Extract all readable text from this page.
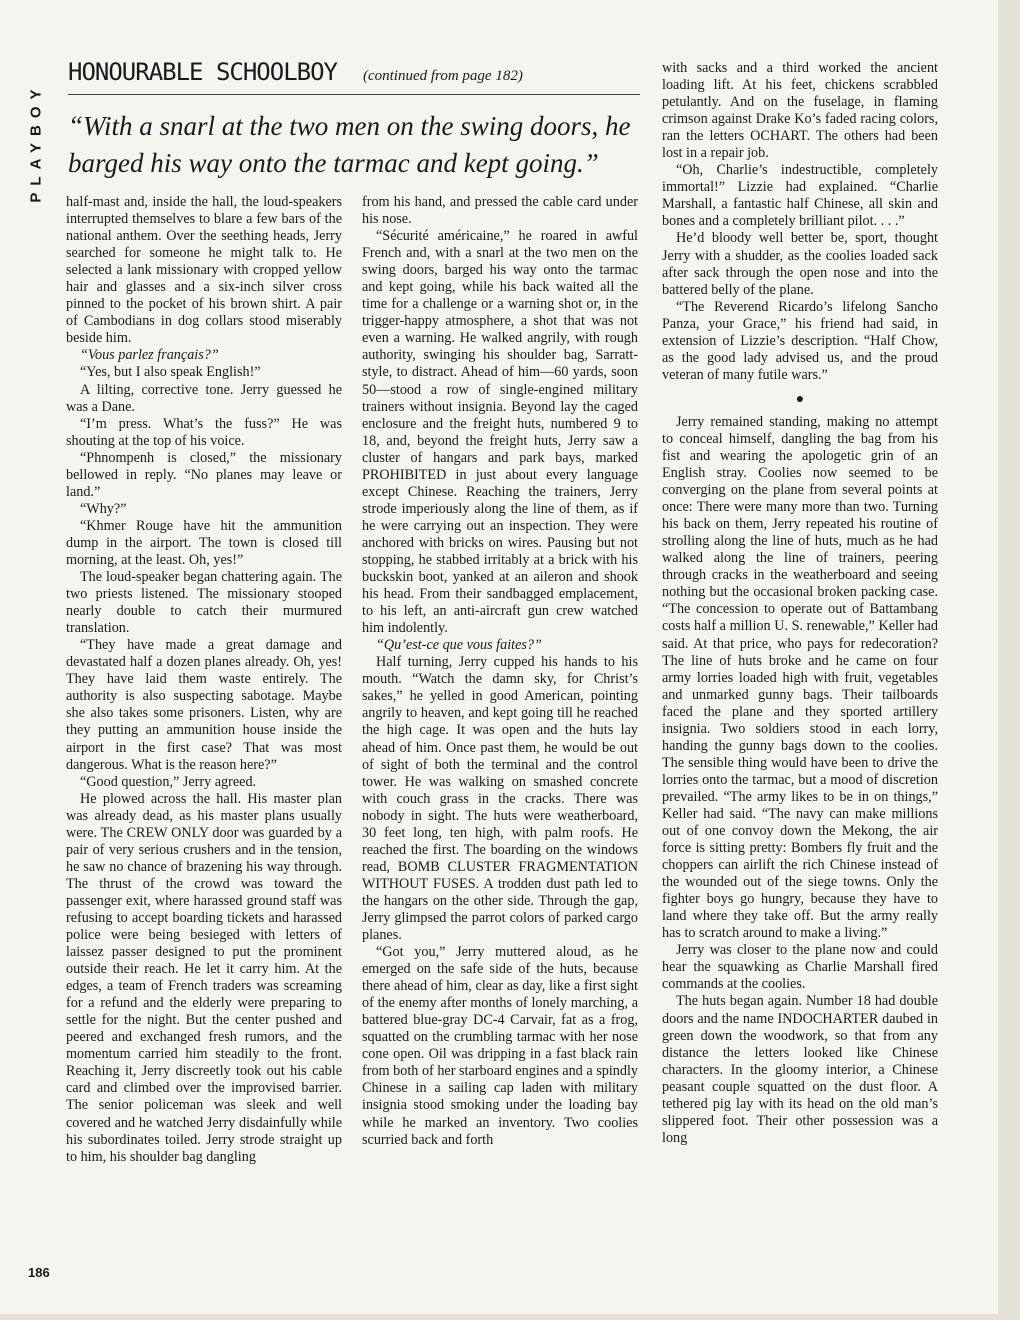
PLAYBOY
HONOURABLE SCHOOLBOY (continued from page 182)
“With a snarl at the two men on the swing doors, he barged his way onto the tarmac and kept going.”

half-mast and, inside the hall, the loud-speakers interrupted themselves to blare a few bars of the national anthem. Over the seething heads, Jerry searched for someone he might talk to. He selected a lank missionary with cropped yellow hair and glasses and a six-inch silver cross pinned to the pocket of his brown shirt. A pair of Cambodians in dog collars stood miserably beside him.

“Vous parlez français?”

“Yes, but I also speak English!”

A lilting, corrective tone. Jerry guessed he was a Dane.

“I’m press. What’s the fuss?” He was shouting at the top of his voice.

“Phnompenh is closed,” the missionary bellowed in reply. “No planes may leave or land.”

“Why?”

“Khmer Rouge have hit the ammunition dump in the airport. The town is closed till morning, at the least. Oh, yes!”

The loud-speaker began chattering again. The two priests listened. The missionary stooped nearly double to catch their murmured translation.

“They have made a great damage and devastated half a dozen planes already. Oh, yes! They have laid them waste entirely. The authority is also suspecting sabotage. Maybe she also takes some prisoners. Listen, why are they putting an ammunition house inside the airport in the first case? That was most dangerous. What is the reason here?”

“Good question,” Jerry agreed.

He plowed across the hall. His master plan was already dead, as his master plans usually were. The CREW ONLY door was guarded by a pair of very serious crushers and in the tension, he saw no chance of brazening his way through. The thrust of the crowd was toward the passenger exit, where harassed ground staff was refusing to accept boarding tickets and harassed police were being besieged with letters of laissez passer designed to put the prominent outside their reach. He let it carry him. At the edges, a team of French traders was screaming for a refund and the elderly were preparing to settle for the night. But the center pushed and peered and exchanged fresh rumors, and the momentum carried him steadily to the front. Reaching it, Jerry discreetly took out his cable card and climbed over the improvised barrier. The senior policeman was sleek and well covered and he watched Jerry disdainfully while his subordinates toiled. Jerry strode straight up to him, his shoulder bag dangling

from his hand, and pressed the cable card under his nose.

“Sécurité américaine,” he roared in awful French and, with a snarl at the two men on the swing doors, barged his way onto the tarmac and kept going, while his back waited all the time for a challenge or a warning shot or, in the trigger-happy atmosphere, a shot that was not even a warning. He walked angrily, with rough authority, swinging his shoulder bag, Sarratt-style, to distract. Ahead of him—60 yards, soon 50—stood a row of single-engined military trainers without insignia. Beyond lay the caged enclosure and the freight huts, numbered 9 to 18, and, beyond the freight huts, Jerry saw a cluster of hangars and park bays, marked PROHIBITED in just about every language except Chinese. Reaching the trainers, Jerry strode imperiously along the line of them, as if he were carrying out an inspection. They were anchored with bricks on wires. Pausing but not stopping, he stabbed irritably at a brick with his buckskin boot, yanked at an aileron and shook his head. From their sandbagged emplacement, to his left, an anti-aircraft gun crew watched him indolently.

“Qu’est-ce que vous faites?”

Half turning, Jerry cupped his hands to his mouth. “Watch the damn sky, for Christ’s sakes,” he yelled in good American, pointing angrily to heaven, and kept going till he reached the high cage. It was open and the huts lay ahead of him. Once past them, he would be out of sight of both the terminal and the control tower. He was walking on smashed concrete with couch grass in the cracks. There was nobody in sight. The huts were weatherboard, 30 feet long, ten high, with palm roofs. He reached the first. The boarding on the windows read, BOMB CLUSTER FRAGMENTATION WITHOUT FUSES. A trodden dust path led to the hangars on the other side. Through the gap, Jerry glimpsed the parrot colors of parked cargo planes.

“Got you,” Jerry muttered aloud, as he emerged on the safe side of the huts, because there ahead of him, clear as day, like a first sight of the enemy after months of lonely marching, a battered blue-gray DC-4 Carvair, fat as a frog, squatted on the crumbling tarmac with her nose cone open. Oil was dripping in a fast black rain from both of her starboard engines and a spindly Chinese in a sailing cap laden with military insignia stood smoking under the loading bay while he marked an inventory. Two coolies scurried back and forth

with sacks and a third worked the ancient loading lift. At his feet, chickens scrabbled petulantly. And on the fuselage, in flaming crimson against Drake Ko’s faded racing colors, ran the letters OCHART. The others had been lost in a repair job.

“Oh, Charlie’s indestructible, completely immortal!” Lizzie had explained. “Charlie Marshall, a fantastic half Chinese, all skin and bones and a completely brilliant pilot. . . .”

He’d bloody well better be, sport, thought Jerry with a shudder, as the coolies loaded sack after sack through the open nose and into the battered belly of the plane.

“The Reverend Ricardo’s lifelong Sancho Panza, your Grace,” his friend had said, in extension of Lizzie’s description. “Half Chow, as the good lady advised us, and the proud veteran of many futile wars.”

●

Jerry remained standing, making no attempt to conceal himself, dangling the bag from his fist and wearing the apologetic grin of an English stray. Coolies now seemed to be converging on the plane from several points at once: There were many more than two. Turning his back on them, Jerry repeated his routine of strolling along the line of huts, much as he had walked along the line of trainers, peering through cracks in the weatherboard and seeing nothing but the occasional broken packing case. “The concession to operate out of Battambang costs half a million U. S. renewable,” Keller had said. At that price, who pays for redecoration? The line of huts broke and he came on four army lorries loaded high with fruit, vegetables and unmarked gunny bags. Their tailboards faced the plane and they sported artillery insignia. Two soldiers stood in each lorry, handing the gunny bags down to the coolies. The sensible thing would have been to drive the lorries onto the tarmac, but a mood of discretion prevailed. “The army likes to be in on things,” Keller had said. “The navy can make millions out of one convoy down the Mekong, the air force is sitting pretty: Bombers fly fruit and the choppers can airlift the rich Chinese instead of the wounded out of the siege towns. Only the fighter boys go hungry, because they have to land where they take off. But the army really has to scratch around to make a living.”

Jerry was closer to the plane now and could hear the squawking as Charlie Marshall fired commands at the coolies.

The huts began again. Number 18 had double doors and the name INDOCHARTER daubed in green down the woodwork, so that from any distance the letters looked like Chinese characters. In the gloomy interior, a Chinese peasant couple squatted on the dust floor. A tethered pig lay with its head on the old man’s slippered foot. Their other possession was a long

186
